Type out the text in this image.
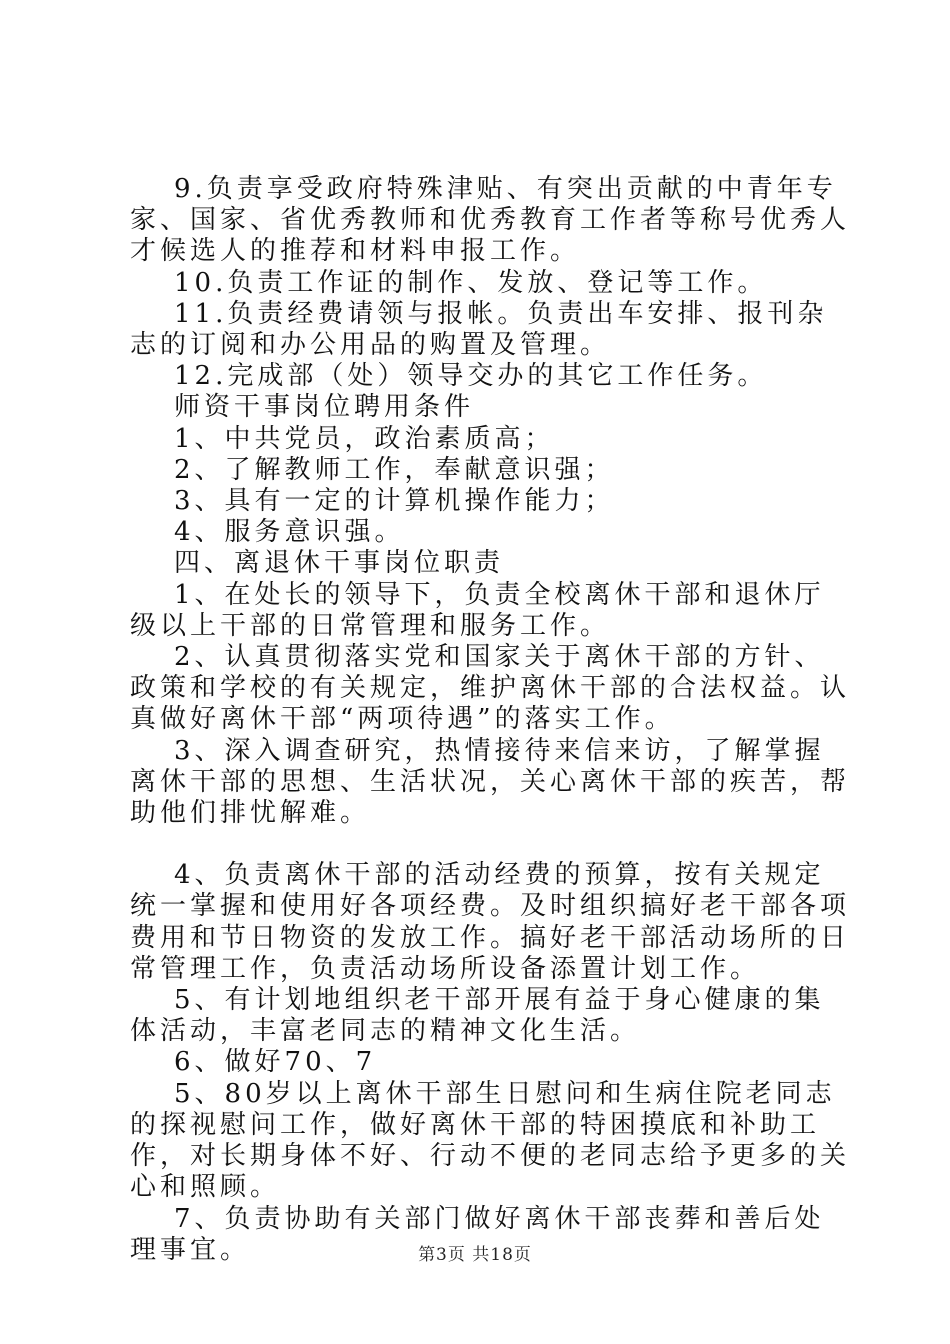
9.负责享受政府特殊津贴、有突出贡献的中青年专家、国家、省优秀教师和优秀教育工作者等称号优秀人才候选人的推荐和材料申报工作。

10.负责工作证的制作、发放、登记等工作。

11.负责经费请领与报帐。负责出车安排、报刊杂志的订阅和办公用品的购置及管理。

12.完成部（处）领导交办的其它工作任务。

师资干事岗位聘用条件

1、中共党员，政治素质高；

2、了解教师工作，奉献意识强；

3、具有一定的计算机操作能力；

4、服务意识强。

四、离退休干事岗位职责

1、在处长的领导下，负责全校离休干部和退休厅级以上干部的日常管理和服务工作。

2、认真贯彻落实党和国家关于离休干部的方针、政策和学校的有关规定，维护离休干部的合法权益。认真做好离休干部“两项待遇”的落实工作。

3、深入调查研究，热情接待来信来访，了解掌握离休干部的思想、生活状况，关心离休干部的疾苦，帮助他们排忧解难。

4、负责离休干部的活动经费的预算，按有关规定统一掌握和使用好各项经费。及时组织搞好老干部各项费用和节日物资的发放工作。搞好老干部活动场所的日常管理工作，负责活动场所设备添置计划工作。

5、有计划地组织老干部开展有益于身心健康的集体活动，丰富老同志的精神文化生活。

6、做好70、7

5、80岁以上离休干部生日慰问和生病住院老同志的探视慰问工作，做好离休干部的特困摸底和补助工作，对长期身体不好、行动不便的老同志给予更多的关心和照顾。

7、负责协助有关部门做好离休干部丧葬和善后处理事宜。	第3页 共18页
